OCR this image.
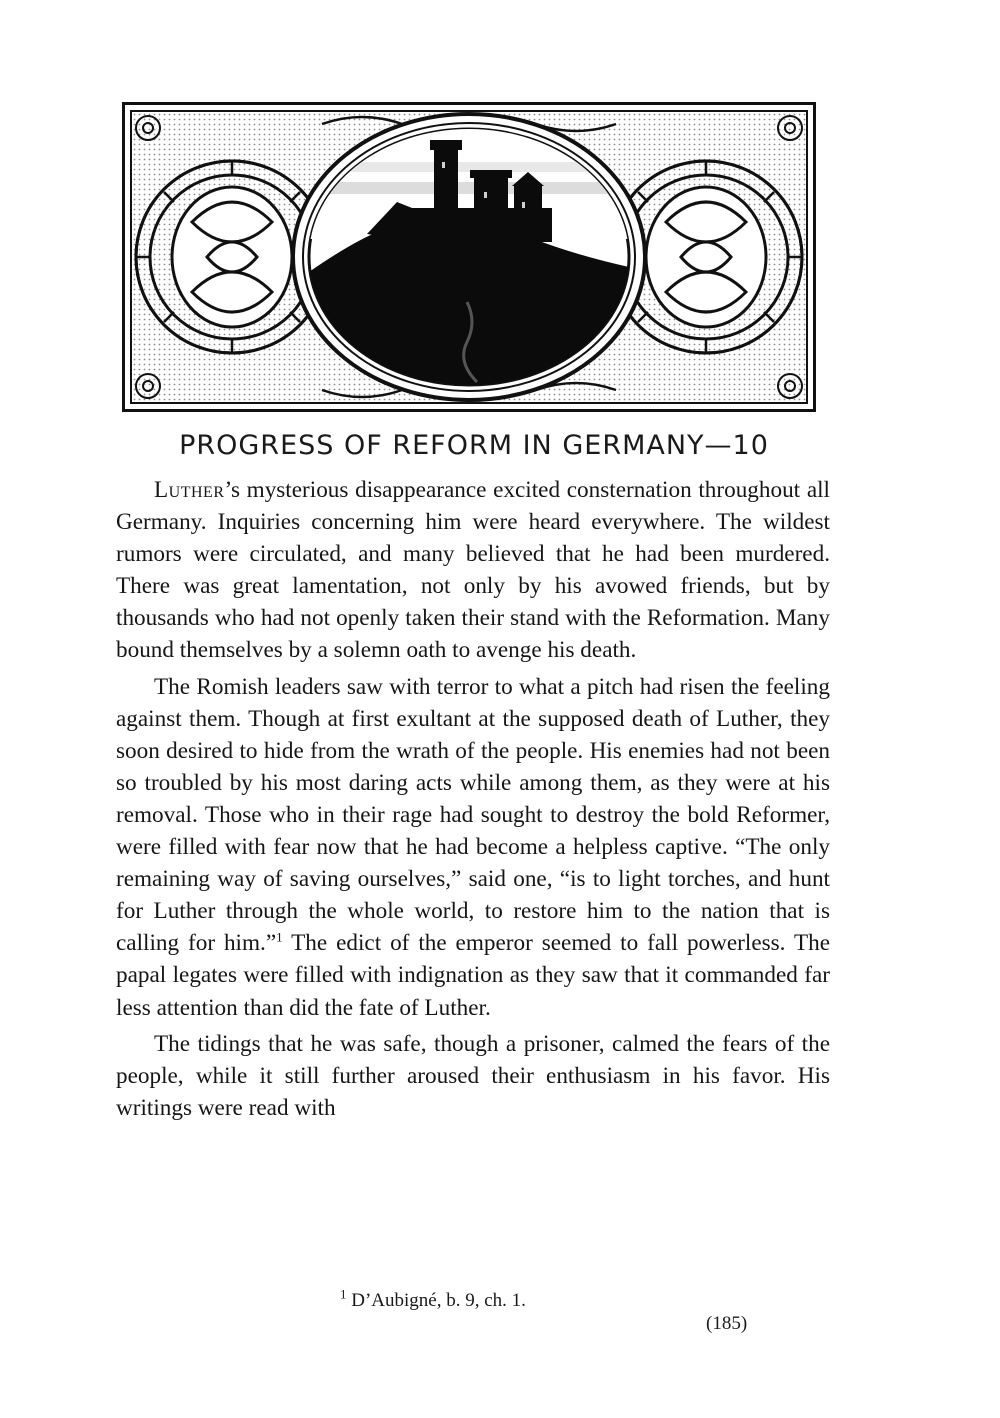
PROGRESS OF REFORM IN GERMANY—10

Luther’s mysterious disappearance excited consternation throughout all Germany. Inquiries concerning him were heard everywhere. The wildest rumors were circulated, and many believed that he had been murdered. There was great lamentation, not only by his avowed friends, but by thousands who had not openly taken their stand with the Reformation. Many bound themselves by a solemn oath to avenge his death.

The Romish leaders saw with terror to what a pitch had risen the feeling against them. Though at first exultant at the supposed death of Luther, they soon desired to hide from the wrath of the people. His enemies had not been so troubled by his most daring acts while among them, as they were at his removal. Those who in their rage had sought to destroy the bold Reformer, were filled with fear now that he had become a helpless captive. “The only remaining way of saving ourselves,” said one, “is to light torches, and hunt for Luther through the whole world, to restore him to the nation that is calling for him.”$^1$ The edict of the emperor seemed to fall powerless. The papal legates were filled with indignation as they saw that it commanded far less attention than did the fate of Luther.

The tidings that he was safe, though a prisoner, calmed the fears of the people, while it still further aroused their enthusiasm in his favor. His writings were read with

$^1$ D’Aubigné, b. 9, ch. 1.
(185)
